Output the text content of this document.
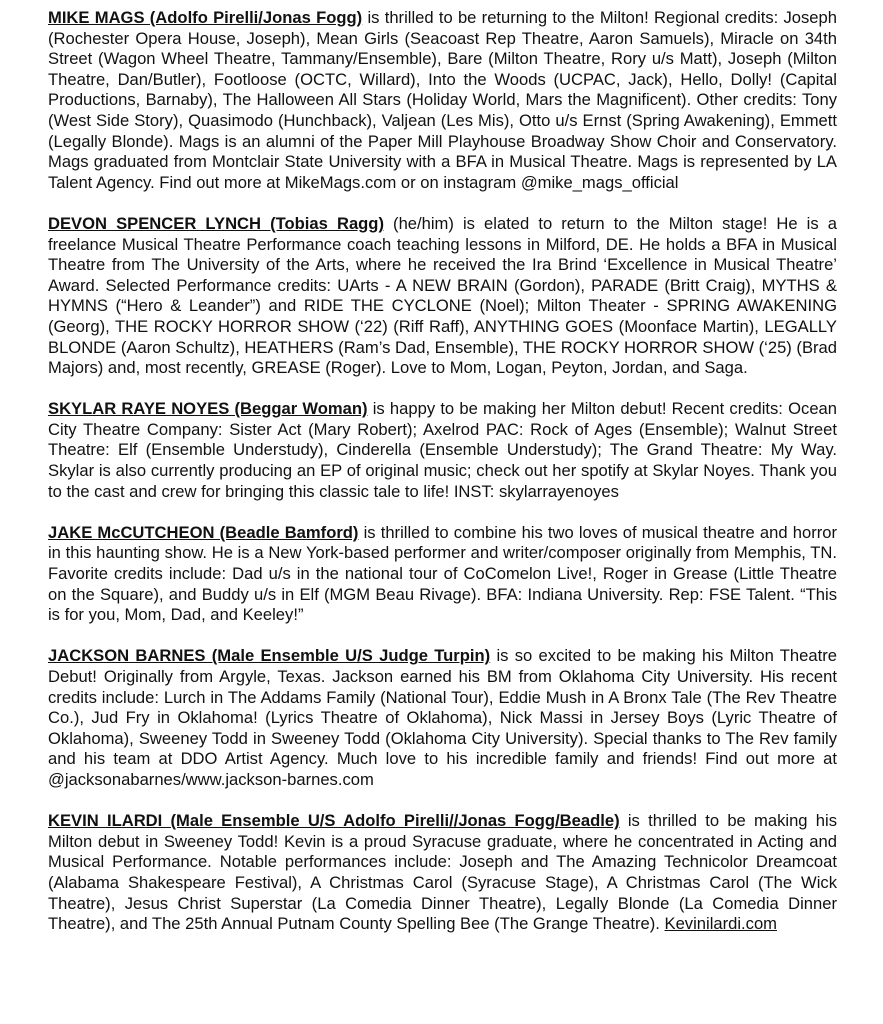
MIKE MAGS (Adolfo Pirelli/Jonas Fogg) is thrilled to be returning to the Milton! Regional credits: Joseph (Rochester Opera House, Joseph), Mean Girls (Seacoast Rep Theatre, Aaron Samuels), Miracle on 34th Street (Wagon Wheel Theatre, Tammany/Ensemble), Bare (Milton Theatre, Rory u/s Matt), Joseph (Milton Theatre, Dan/Butler), Footloose (OCTC, Willard), Into the Woods (UCPAC, Jack), Hello, Dolly! (Capital Productions, Barnaby), The Halloween All Stars (Holiday World, Mars the Magnificent). Other credits: Tony (West Side Story), Quasimodo (Hunchback), Valjean (Les Mis), Otto u/s Ernst (Spring Awakening), Emmett (Legally Blonde). Mags is an alumni of the Paper Mill Playhouse Broadway Show Choir and Conservatory. Mags graduated from Montclair State University with a BFA in Musical Theatre. Mags is represented by LA Talent Agency. Find out more at MikeMags.com or on instagram @mike_mags_official

DEVON SPENCER LYNCH (Tobias Ragg) (he/him) is elated to return to the Milton stage! He is a freelance Musical Theatre Performance coach teaching lessons in Milford, DE. He holds a BFA in Musical Theatre from The University of the Arts, where he received the Ira Brind ‘Excellence in Musical Theatre’ Award. Selected Performance credits: UArts - A NEW BRAIN (Gordon), PARADE (Britt Craig), MYTHS & HYMNS (“Hero & Leander”) and RIDE THE CYCLONE (Noel); Milton Theater - SPRING AWAKENING (Georg), THE ROCKY HORROR SHOW (‘22) (Riff Raff), ANYTHING GOES (Moonface Martin), LEGALLY BLONDE (Aaron Schultz), HEATHERS (Ram’s Dad, Ensemble), THE ROCKY HORROR SHOW (‘25) (Brad Majors) and, most recently, GREASE (Roger). Love to Mom, Logan, Peyton, Jordan, and Saga.

SKYLAR RAYE NOYES (Beggar Woman) is happy to be making her Milton debut! Recent credits: Ocean City Theatre Company: Sister Act (Mary Robert); Axelrod PAC: Rock of Ages (Ensemble); Walnut Street Theatre: Elf (Ensemble Understudy), Cinderella (Ensemble Understudy); The Grand Theatre: My Way. Skylar is also currently producing an EP of original music; check out her spotify at Skylar Noyes. Thank you to the cast and crew for bringing this classic tale to life! INST: skylarrayenoyes

JAKE McCUTCHEON (Beadle Bamford) is thrilled to combine his two loves of musical theatre and horror in this haunting show. He is a New York-based performer and writer/composer originally from Memphis, TN. Favorite credits include: Dad u/s in the national tour of CoComelon Live!, Roger in Grease (Little Theatre on the Square), and Buddy u/s in Elf (MGM Beau Rivage). BFA: Indiana University. Rep: FSE Talent. “This is for you, Mom, Dad, and Keeley!”

JACKSON BARNES (Male Ensemble U/S Judge Turpin) is so excited to be making his Milton Theatre Debut! Originally from Argyle, Texas. Jackson earned his BM from Oklahoma City University. His recent credits include: Lurch in The Addams Family (National Tour), Eddie Mush in A Bronx Tale (The Rev Theatre Co.), Jud Fry in Oklahoma! (Lyrics Theatre of Oklahoma), Nick Massi in Jersey Boys (Lyric Theatre of Oklahoma), Sweeney Todd in Sweeney Todd (Oklahoma City University). Special thanks to The Rev family and his team at DDO Artist Agency. Much love to his incredible family and friends! Find out more at @jacksonabarnes/www.jackson-barnes.com

KEVIN ILARDI (Male Ensemble U/S Adolfo Pirelli//Jonas Fogg/Beadle) is thrilled to be making his Milton debut in Sweeney Todd! Kevin is a proud Syracuse graduate, where he concentrated in Acting and Musical Performance. Notable performances include: Joseph and The Amazing Technicolor Dreamcoat (Alabama Shakespeare Festival), A Christmas Carol (Syracuse Stage), A Christmas Carol (The Wick Theatre), Jesus Christ Superstar (La Comedia Dinner Theatre), Legally Blonde (La Comedia Dinner Theatre), and The 25th Annual Putnam County Spelling Bee (The Grange Theatre). Kevinilardi.com
